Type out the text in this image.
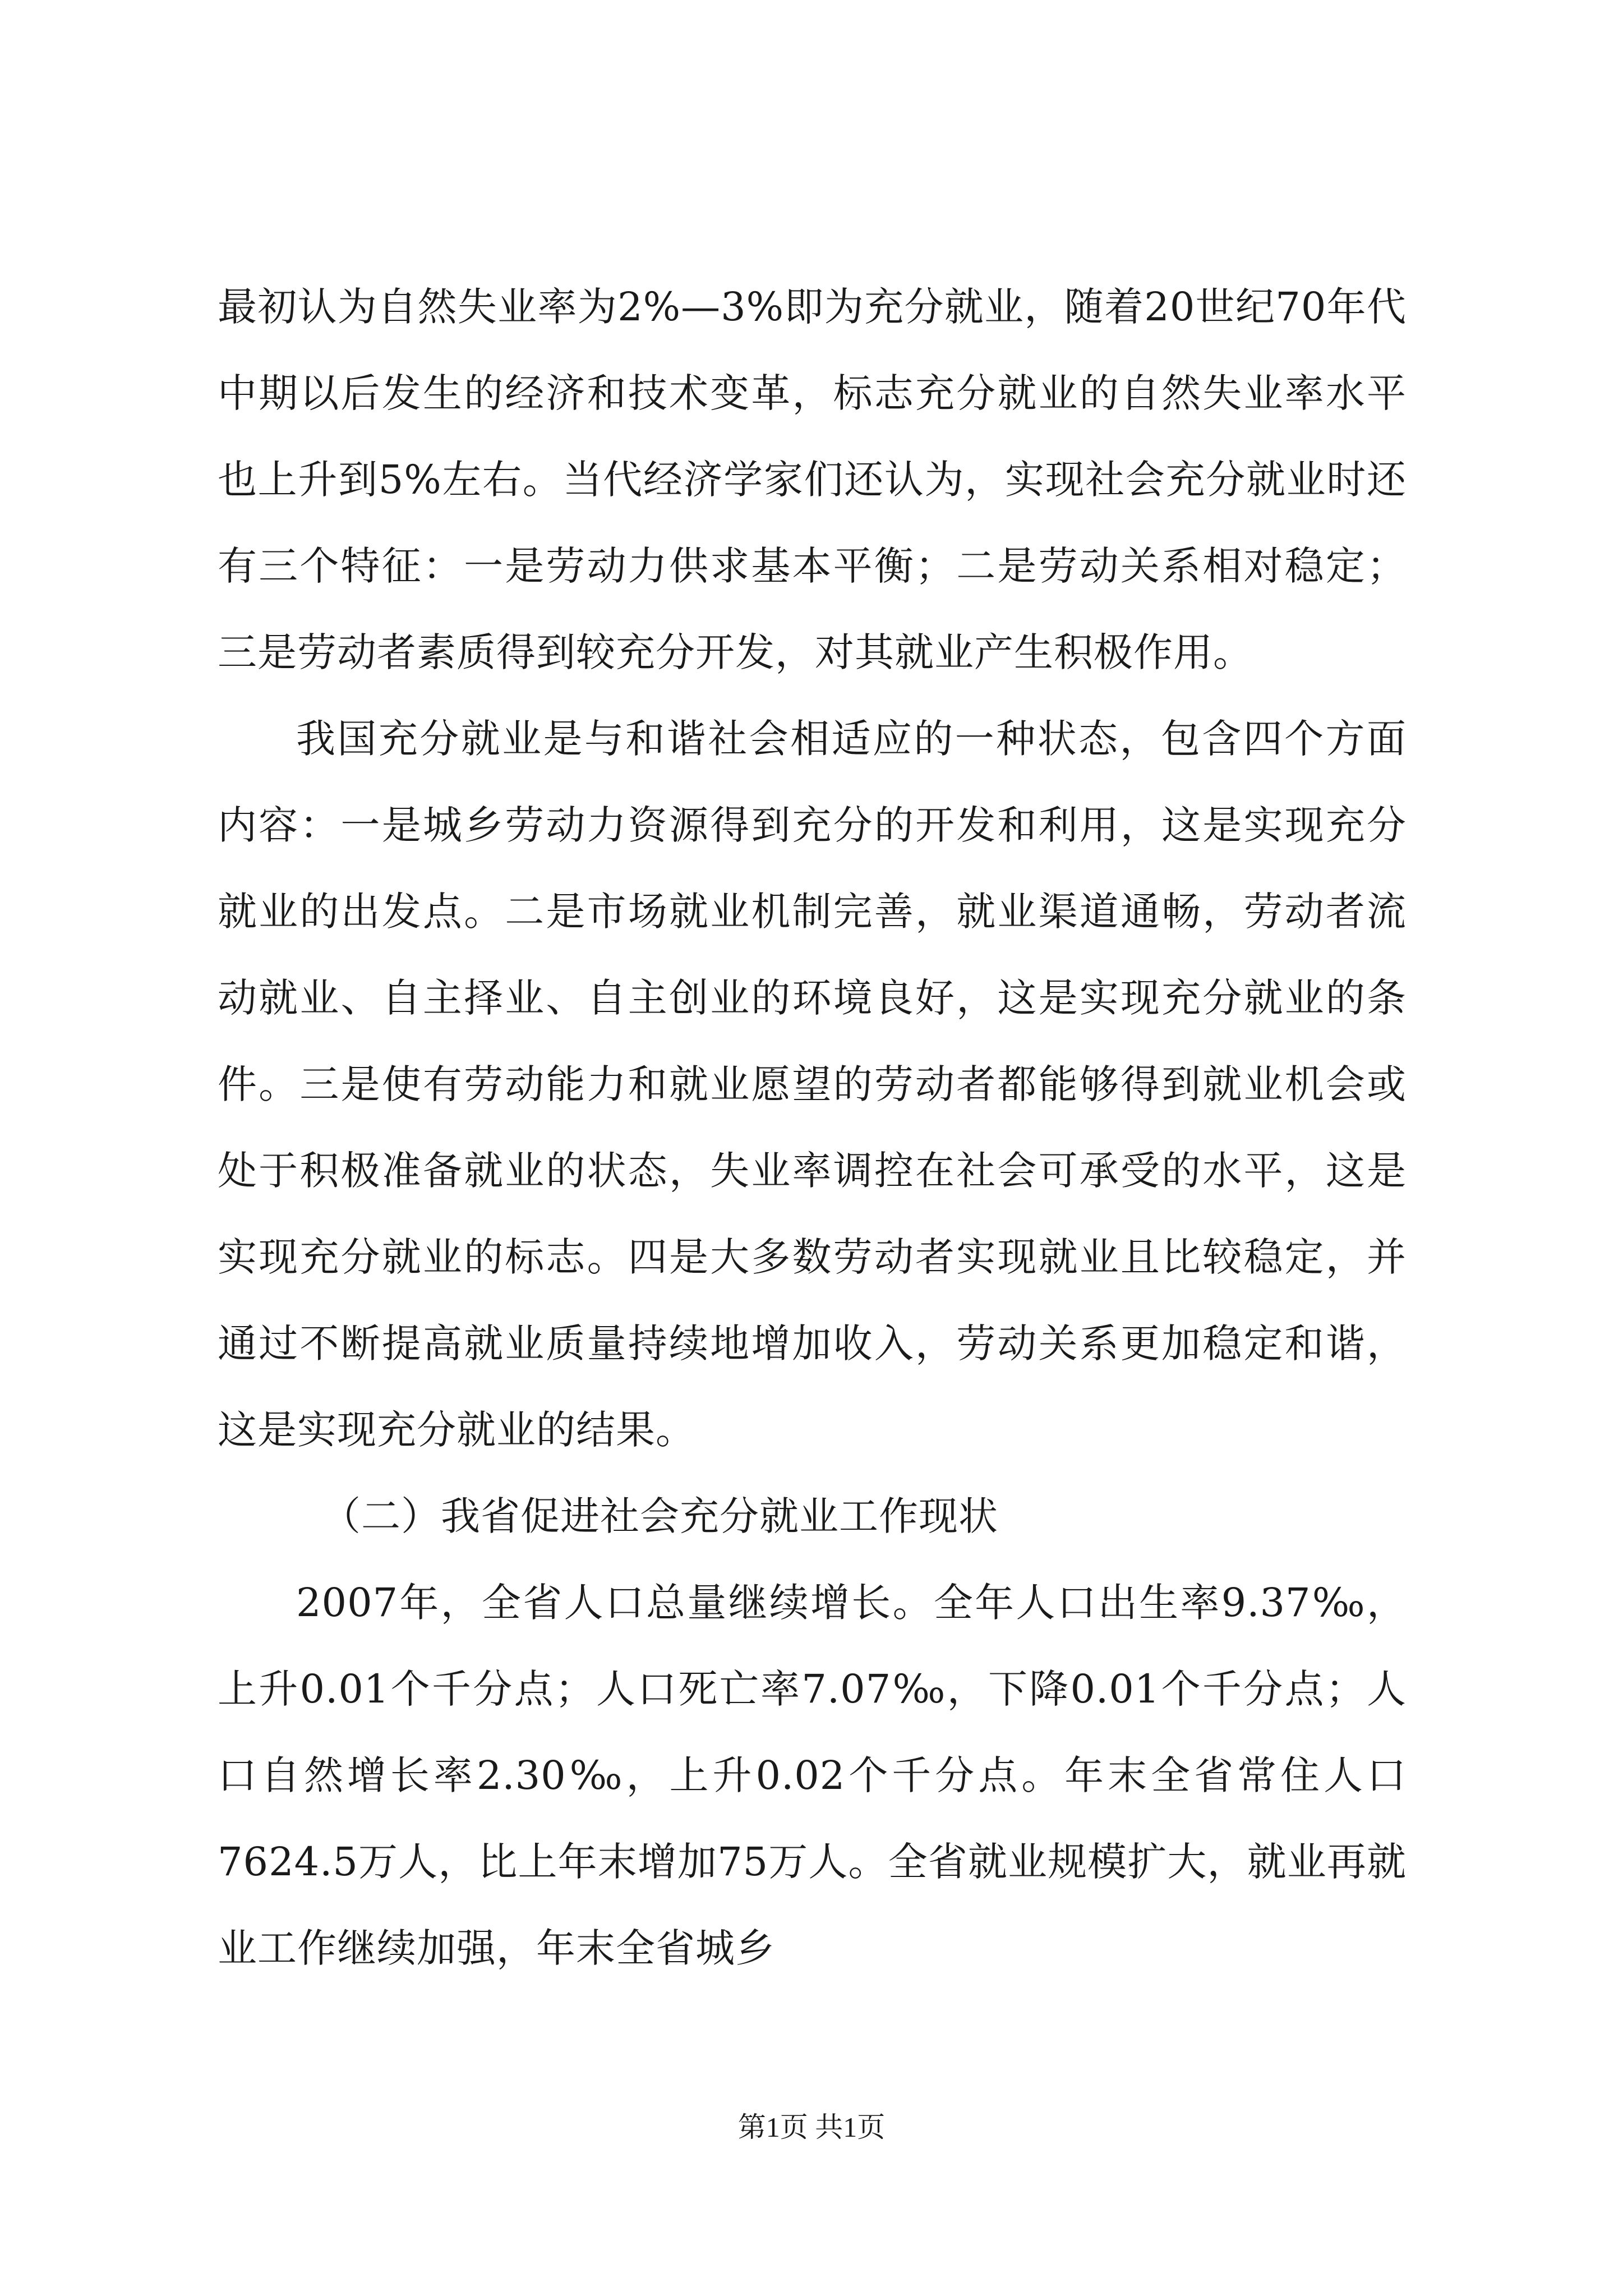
最初认为自然失业率为2%—3%即为充分就业，随着20世纪70年代中期以后发生的经济和技术变革，标志充分就业的自然失业率水平也上升到5%左右。当代经济学家们还认为，实现社会充分就业时还有三个特征：一是劳动力供求基本平衡；二是劳动关系相对稳定；三是劳动者素质得到较充分开发，对其就业产生积极作用。

我国充分就业是与和谐社会相适应的一种状态，包含四个方面内容：一是城乡劳动力资源得到充分的开发和利用，这是实现充分就业的出发点。二是市场就业机制完善，就业渠道通畅，劳动者流动就业、自主择业、自主创业的环境良好，这是实现充分就业的条件。三是使有劳动能力和就业愿望的劳动者都能够得到就业机会或处于积极准备就业的状态，失业率调控在社会可承受的水平，这是实现充分就业的标志。四是大多数劳动者实现就业且比较稳定，并通过不断提高就业质量持续地增加收入，劳动关系更加稳定和谐，这是实现充分就业的结果。

（二）我省促进社会充分就业工作现状

2007年，全省人口总量继续增长。全年人口出生率9.37‰，上升0.01个千分点；人口死亡率7.07‰，下降0.01个千分点；人口自然增长率2.30‰，上升0.02个千分点。年末全省常住人口7624.5万人，比上年末增加75万人。全省就业规模扩大，就业再就业工作继续加强，年末全省城乡

第1页 共1页
